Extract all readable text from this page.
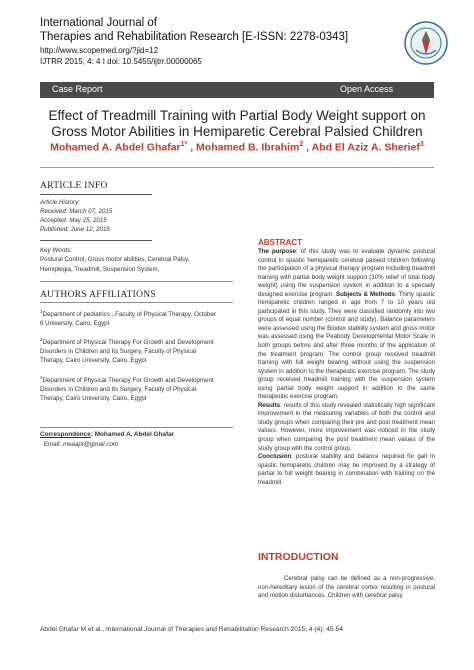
International Journal of
Therapies and Rehabilitation Research [E-ISSN: 2278-0343]
http://www.scopemed.org/?jid=12
IJTRR 2015, 4: 4 I doi: 10.5455/ijtrr.00000065
Case Report	Open Access
Effect of Treadmill Training with Partial Body Weight support on
Gross Motor Abilities in Hemiparetic Cerebral Palsied Children
Mohamed A. Abdel Ghafar$^{1*}$ , Mohamed B. Ibrahim$^2$ , Abd El Aziz A. Sherief$^3$
ARTICLE INFO
Article History:
Received: March 07, 2015
Accepted: May 25, 2015
Published: June 12, 2015
Key Words:
Postural Control, Gross motor abilities, Cerebral Palsy,
Hemiplegia, Treadmill, Suspension System.
AUTHORS AFFILIATIONS
$^1$Department of pediatrics , Faculty of Physical Therapy, October
6 University, Cairo, Egypt
$^2$Department of Physical Therapy For Growth and Development
Disorders in Children and Its Surgery, Faculty of Physical
Therapy, Cairo University, Cairo, Egypt
$^3$Department of Physical Therapy For Growth and Development
Disorders in Children and Its Surgery, Faculty of Physical
Therapy, Cairo University, Cairo, Egypt
Correspondence: Mohamed A. Abdel Ghafar
Email: meaapt@gmail.com
ABSTRACT
The purpose: of this study was to evaluate dynamic postural control in spastic hemiparetic cerebral palsied children following the participation of a physical therapy program including treadmill training with partial body weight support (30% relief of total body weight) using the suspension system in addition to a specially designed exercise program. Subjects & Methods: Thirty spastic hemiparetic children ranged in age from 7 to 10 years old participated in this study. They were classified randomly into two groups of equal number (control and study). Balance parameters were assessed using the Biodex stability system and gross motor was assessed using the Peabody Developmental Motor Scale in both groups before and after three months of the application of the treatment program. The control group received treadmill training with full weight bearing without using the suspension system in addition to the therapeutic exercise program. The study group received treadmill training with the suspension system using partial body weight support in addition to the same therapeutic exercise program.
Results: results of this study revealed statistically high significant improvement in the measuring variables of both the control and study groups when comparing their pre and post treatment mean values. However, more improvement was noticed in the study group when comparing the post treatment mean values of the study group with the control group.
Conclusion: postural stability and balance required for gait in spastic hemiparetic children may be improved by a strategy of partial to full weight bearing in combination with training on the treadmill.
INTRODUCTION

Cerebral palsy can be defined as a non-progressive, non-hereditary lesion of the cerebral cortex resulting in postural and motion disturbances. Children with cerebral palsy

Abdel Ghafar M et al., International Journal of Therapies and Rehabilitation Research 2015; 4 (4): 45-54
